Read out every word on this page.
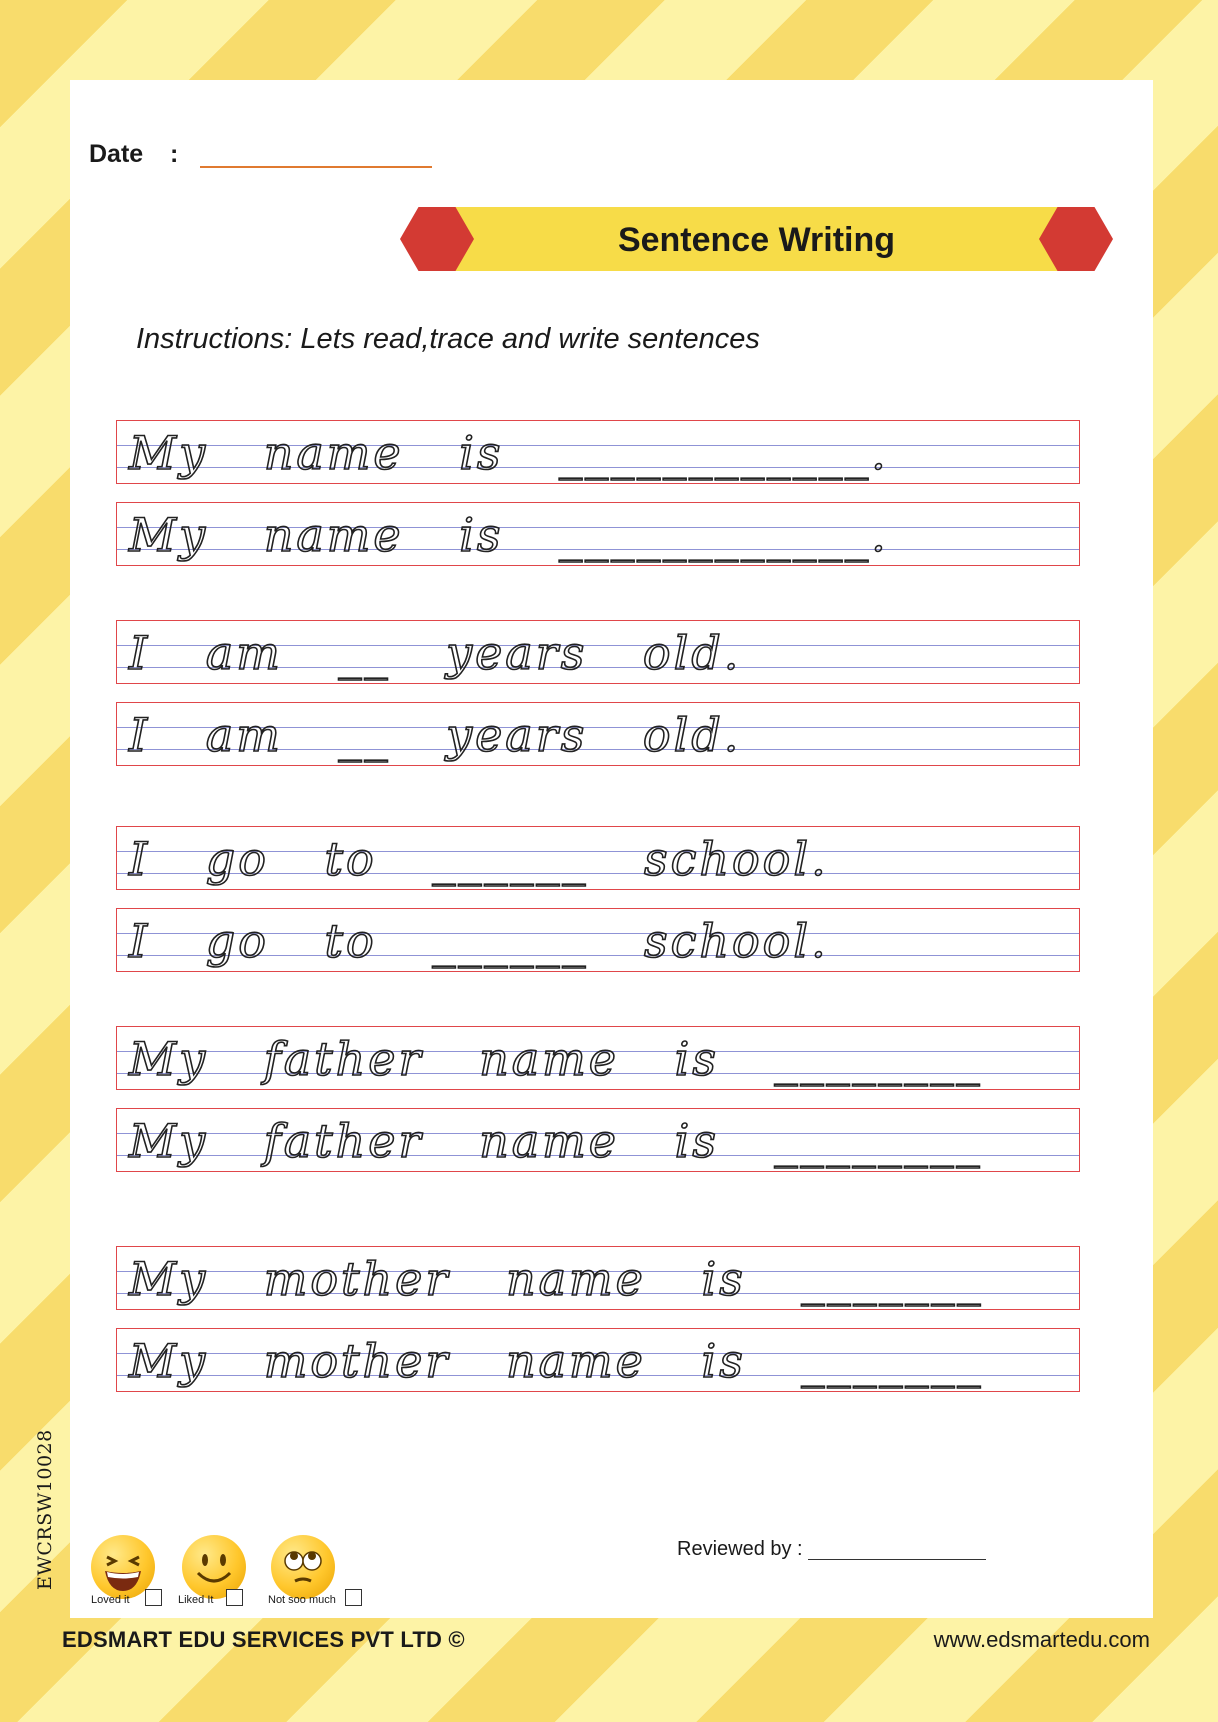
Date :
Sentence Writing
Instructions: Lets read,trace and write sentences
My name is ____________.
My name is ____________.
I am __ years old.
I am __ years old.
I go to ______ school.
I go to ______ school.
My father name is ________
My father name is ________
My mother name is _______
My mother name is _______
Reviewed by :
EWCRSW10028
Loved it	Liked It	Not soo much
EDSMART EDU SERVICES PVT LTD ©	www.edsmartedu.com
